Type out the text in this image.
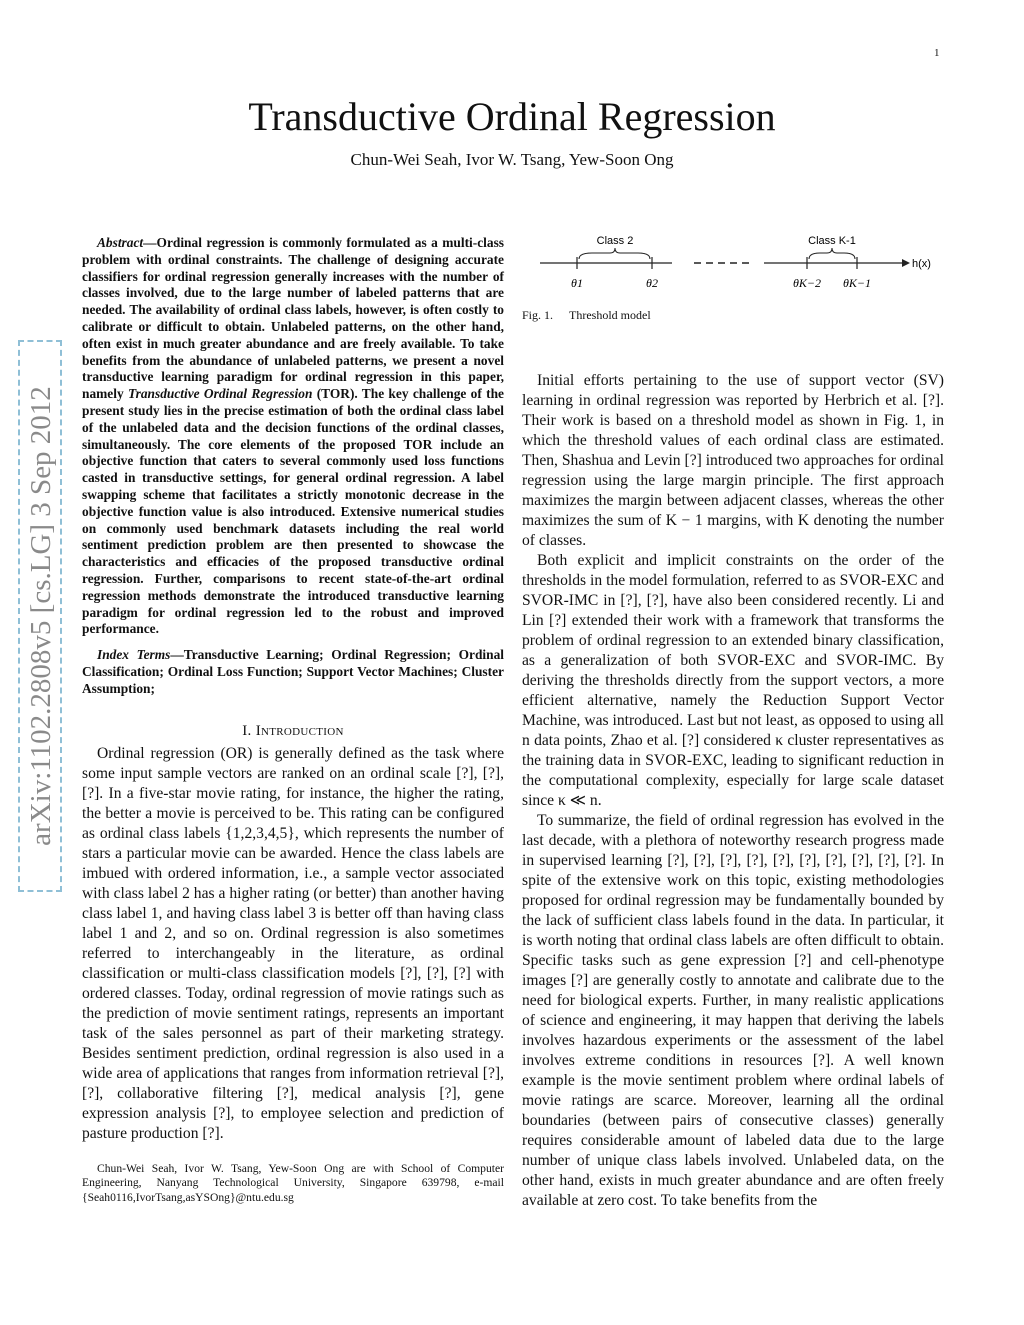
1
Transductive Ordinal Regression
Chun-Wei Seah, Ivor W. Tsang, Yew-Soon Ong
arXiv:1102.2808v5 [cs.LG] 3 Sep 2012

Abstract—Ordinal regression is commonly formulated as a multi-class problem with ordinal constraints. The challenge of designing accurate classifiers for ordinal regression generally increases with the number of classes involved, due to the large number of labeled patterns that are needed. The availability of ordinal class labels, however, is often costly to calibrate or difficult to obtain. Unlabeled patterns, on the other hand, often exist in much greater abundance and are freely available. To take benefits from the abundance of unlabeled patterns, we present a novel transductive learning paradigm for ordinal regression in this paper, namely Transductive Ordinal Regression (TOR). The key challenge of the present study lies in the precise estimation of both the ordinal class label of the unlabeled data and the decision functions of the ordinal classes, simultaneously. The core elements of the proposed TOR include an objective function that caters to several commonly used loss functions casted in transductive settings, for general ordinal regression. A label swapping scheme that facilitates a strictly monotonic decrease in the objective function value is also introduced. Extensive numerical studies on commonly used benchmark datasets including the real world sentiment prediction problem are then presented to showcase the characteristics and efficacies of the proposed transductive ordinal regression. Further, comparisons to recent state-of-the-art ordinal regression methods demonstrate the introduced transductive learning paradigm for ordinal regression led to the robust and improved performance.

Index Terms—Transductive Learning; Ordinal Regression; Ordinal Classification; Ordinal Loss Function; Support Vector Machines; Cluster Assumption;

I. Introduction

Ordinal regression (OR) is generally defined as the task where some input sample vectors are ranked on an ordinal scale [?], [?], [?]. In a five-star movie rating, for instance, the higher the rating, the better a movie is perceived to be. This rating can be configured as ordinal class labels {1,2,3,4,5}, which represents the number of stars a particular movie can be awarded. Hence the class labels are imbued with ordered information, i.e., a sample vector associated with class label 2 has a higher rating (or better) than another having class label 1, and having class label 3 is better off than having class label 1 and 2, and so on. Ordinal regression is also sometimes referred to interchangeably in the literature, as ordinal classification or multi-class classification models [?], [?], [?] with ordered classes. Today, ordinal regression of movie ratings such as the prediction of movie sentiment ratings, represents an important task of the sales personnel as part of their marketing strategy. Besides sentiment prediction, ordinal regression is also used in a wide area of applications that ranges from information retrieval [?], [?], collaborative filtering [?], medical analysis [?], gene expression analysis [?], to employee selection and prediction of pasture production [?].

Chun-Wei Seah, Ivor W. Tsang, Yew-Soon Ong are with School of Computer Engineering, Nanyang Technological University, Singapore 639798, e-mail {Seah0116,IvorTsang,asYSOng}@ntu.edu.sg

Class 2	Class K-1
h(x)
θ1	θ2	θK−2 θK−1
Fig. 1. Threshold model

Initial efforts pertaining to the use of support vector (SV) learning in ordinal regression was reported by Herbrich et al. [?]. Their work is based on a threshold model as shown in Fig. 1, in which the threshold values of each ordinal class are estimated. Then, Shashua and Levin [?] introduced two approaches for ordinal regression using the large margin principle. The first approach maximizes the margin between adjacent classes, whereas the other maximizes the sum of K − 1 margins, with K denoting the number of classes.

Both explicit and implicit constraints on the order of the thresholds in the model formulation, referred to as SVOR-EXC and SVOR-IMC in [?], [?], have also been considered recently. Li and Lin [?] extended their work with a framework that transforms the problem of ordinal regression to an extended binary classification, as a generalization of both SVOR-EXC and SVOR-IMC. By deriving the thresholds directly from the support vectors, a more efficient alternative, namely the Reduction Support Vector Machine, was introduced. Last but not least, as opposed to using all n data points, Zhao et al. [?] considered κ cluster representatives as the training data in SVOR-EXC, leading to significant reduction in the computational complexity, especially for large scale dataset since κ ≪ n.

To summarize, the field of ordinal regression has evolved in the last decade, with a plethora of noteworthy research progress made in supervised learning [?], [?], [?], [?], [?], [?], [?], [?], [?], [?]. In spite of the extensive work on this topic, existing methodologies proposed for ordinal regression may be fundamentally bounded by the lack of sufficient class labels found in the data. In particular, it is worth noting that ordinal class labels are often difficult to obtain. Specific tasks such as gene expression [?] and cell-phenotype images [?] are generally costly to annotate and calibrate due to the need for biological experts. Further, in many realistic applications of science and engineering, it may happen that deriving the labels involves hazardous experiments or the assessment of the label involves extreme conditions in resources [?]. A well known example is the movie sentiment problem where ordinal labels of movie ratings are scarce. Moreover, learning all the ordinal boundaries (between pairs of consecutive classes) generally requires considerable amount of labeled data due to the large number of unique class labels involved. Unlabeled data, on the other hand, exists in much greater abundance and are often freely available at zero cost. To take benefits from the
